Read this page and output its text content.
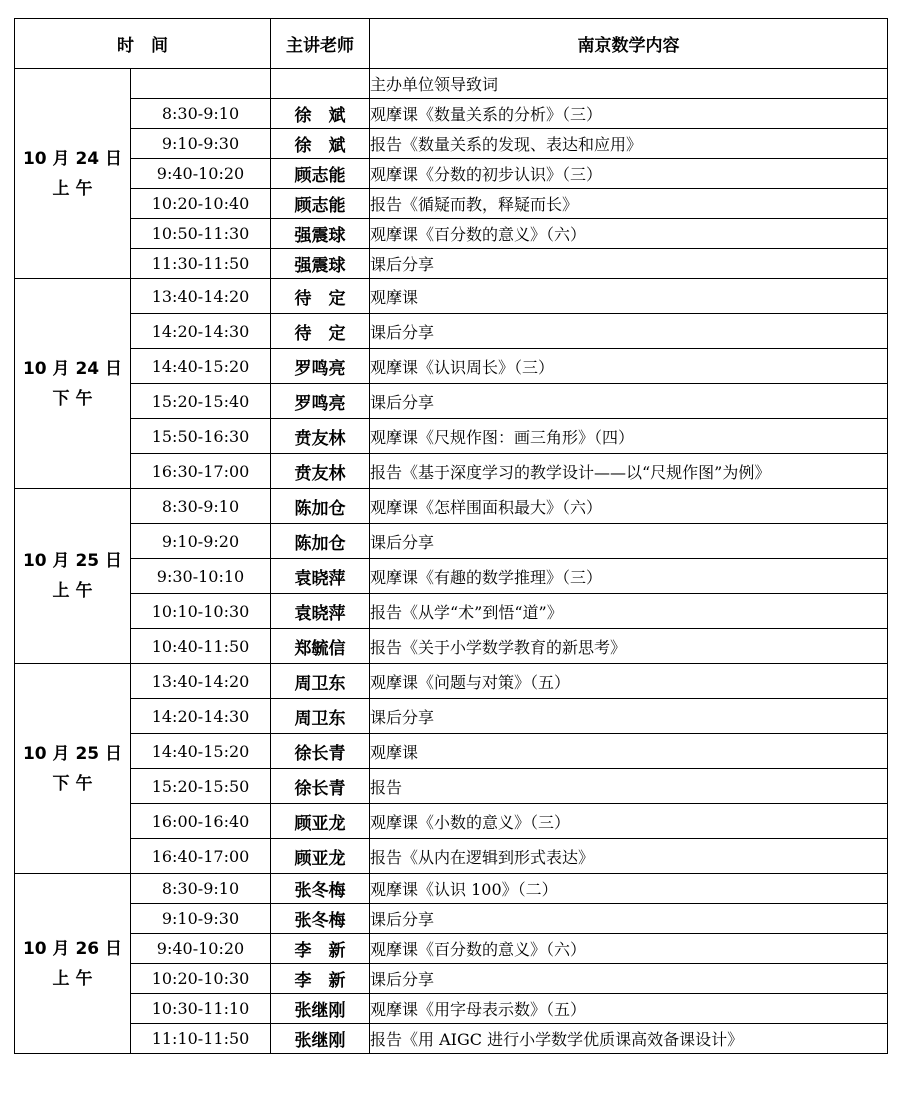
时　间		主讲老师	南京数学内容

10 月 24 日
上 午			主办单位领导致词
	8:30-9:10	徐　斌	观摩课《数量关系的分析》（三）
	9:10-9:30	徐　斌	报告《数量关系的发现、表达和应用》
	9:40-10:20	顾志能	观摩课《分数的初步认识》（三）
	10:20-10:40	顾志能	报告《循疑而教，释疑而长》
	10:50-11:30	强震球	观摩课《百分数的意义》（六）
	11:30-11:50	强震球	课后分享

10 月 24 日
下 午	13:40-14:20	待　定	观摩课
	14:20-14:30	待　定	课后分享
	14:40-15:20	罗鸣亮	观摩课《认识周长》（三）
	15:20-15:40	罗鸣亮	课后分享
	15:50-16:30	贲友林	观摩课《尺规作图：画三角形》（四）
	16:30-17:00	贲友林	报告《基于深度学习的教学设计——以“尺规作图”为例》

10 月 25 日
上 午	8:30-9:10	陈加仓	观摩课《怎样围面积最大》（六）
	9:10-9:20	陈加仓	课后分享
	9:30-10:10	袁晓萍	观摩课《有趣的数学推理》（三）
	10:10-10:30	袁晓萍	报告《从学“术”到悟“道”》
	10:40-11:50	郑毓信	报告《关于小学数学教育的新思考》

10 月 25 日
下 午	13:40-14:20	周卫东	观摩课《问题与对策》（五）
	14:20-14:30	周卫东	课后分享
	14:40-15:20	徐长青	观摩课
	15:20-15:50	徐长青	报告
	16:00-16:40	顾亚龙	观摩课《小数的意义》（三）
	16:40-17:00	顾亚龙	报告《从内在逻辑到形式表达》

10 月 26 日
上 午	8:30-9:10	张冬梅	观摩课《认识 100》（二）
	9:10-9:30	张冬梅	课后分享
	9:40-10:20	李　新	观摩课《百分数的意义》（六）
	10:20-10:30	李　新	课后分享
	10:30-11:10	张继刚	观摩课《用字母表示数》（五）
	11:10-11:50	张继刚	报告《用 AIGC 进行小学数学优质课高效备课设计》
